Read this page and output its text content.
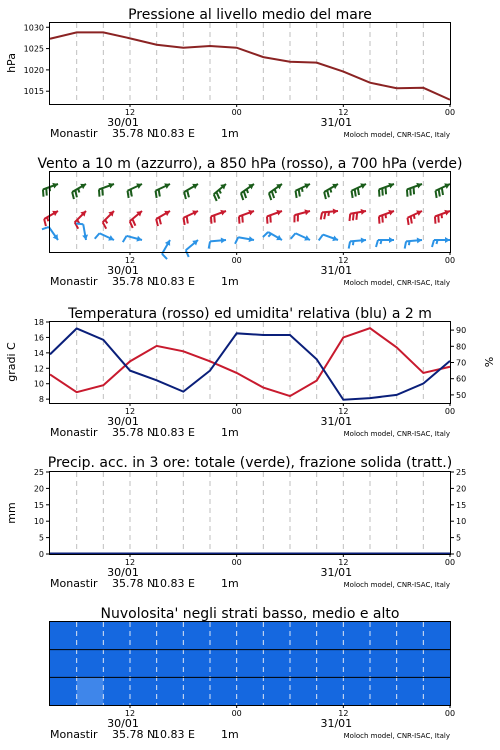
Pressione al livello medio del mare
hPa
1015
1020
1025
1030
12	00	12	00
30/01	31/01
Monastir 35.78 N
10.83 E 1m	Moloch model, CNR-ISAC, Italy
Vento a 10 m (azzurro), a 850 hPa (rosso), a 700 hPa (verde)
12	00	12	00
30/01	31/01
Monastir 35.78 N
10.83 E 1m	Moloch model, CNR-ISAC, Italy
Temperatura (rosso) ed umidita' relativa (blu) a 2 m
gradi C	%
8
10
12
14
16
18
50
60
70
80
90
12	00	12	00
30/01	31/01
Monastir 35.78 N
10.83 E 1m	Moloch model, CNR-ISAC, Italy
Precip. acc. in 3 ore: totale (verde), frazione solida (tratt.)
mm
0	0
5	5
10	10
15	15
20	20
25	25
12	00	12	00
30/01	31/01
Monastir 35.78 N
10.83 E 1m	Moloch model, CNR-ISAC, Italy
Nuvolosita' negli strati basso, medio e alto
12	00	12	00
30/01	31/01
Monastir 35.78 N
10.83 E 1m	Moloch model, CNR-ISAC, Italy
